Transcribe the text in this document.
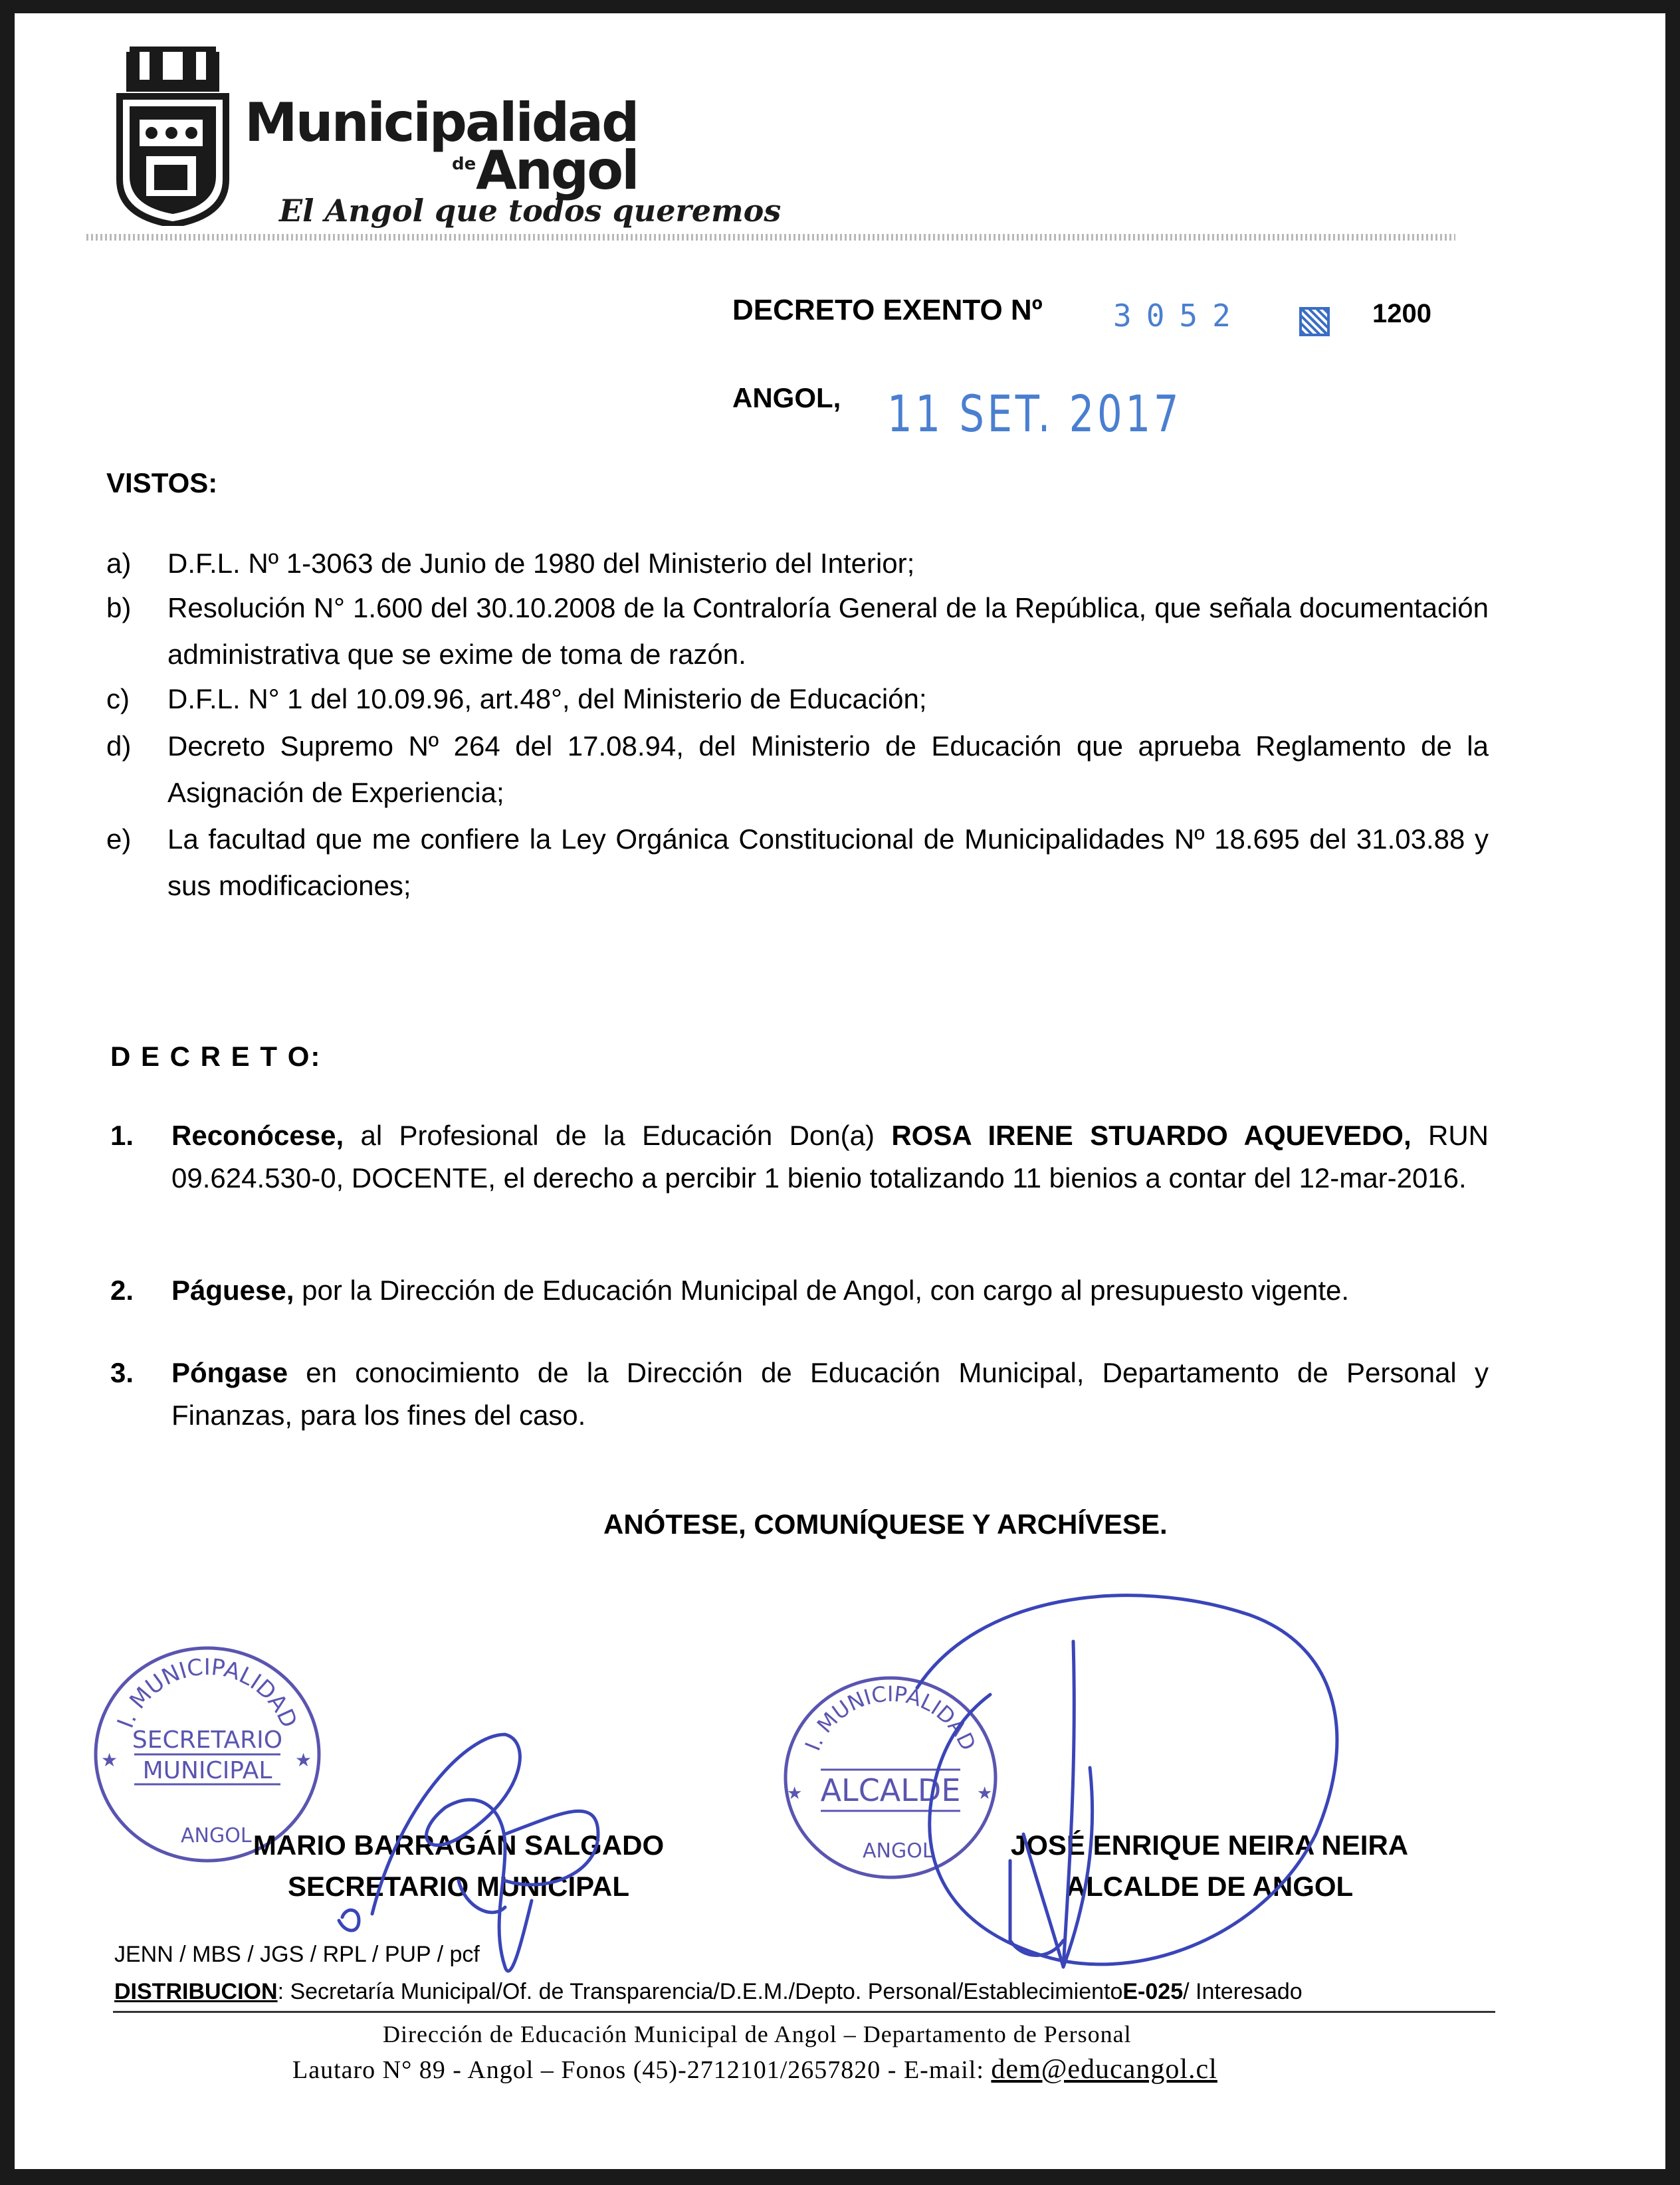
Municipalidad
de Angol
El Angol que todos queremos
DECRETO EXENTO Nº 3052	1200
ANGOL, 11 SET. 2017
VISTOS:
a) D.F.L. Nº 1-3063 de Junio de 1980 del Ministerio del Interior;
b) Resolución N° 1.600 del 30.10.2008 de la Contraloría General de la República, que señala documentación administrativa que se exime de toma de razón.
c) D.F.L. N° 1 del 10.09.96, art.48°, del Ministerio de Educación;
d) Decreto Supremo Nº 264 del 17.08.94, del Ministerio de Educación que aprueba Reglamento de la Asignación de Experiencia;
e) La facultad que me confiere la Ley Orgánica Constitucional de Municipalidades Nº 18.695 del 31.03.88 y sus modificaciones;
D E C R E T O:
1. Reconócese, al Profesional de la Educación Don(a) ROSA IRENE STUARDO AQUEVEDO, RUN 09.624.530-0, DOCENTE, el derecho a percibir 1 bienio totalizando 11 bienios a contar del 12-mar-2016.
2. Páguese, por la Dirección de Educación Municipal de Angol, con cargo al presupuesto vigente.
3. Póngase en conocimiento de la Dirección de Educación Municipal, Departamento de Personal y Finanzas, para los fines del caso.
ANÓTESE, COMUNÍQUESE Y ARCHÍVESE.
I. MUNICIPALIDAD
SECRETARIO
MUNICIPAL
★	★
ANGOL
I. MUNICIPALIDAD
ALCALDE
★	★
ANGOL
MARIO BARRAGÁN SALGADO
SECRETARIO MUNICIPAL
JOSÉ ENRIQUE NEIRA NEIRA
ALCALDE DE ANGOL
JENN / MBS / JGS / RPL / PUP / pcf
DISTRIBUCION: Secretaría Municipal/Of. de Transparencia/D.E.M./Depto. Personal/EstablecimientoE-025/ Interesado
Dirección de Educación Municipal de Angol – Departamento de Personal
Lautaro N° 89 - Angol – Fonos (45)-2712101/2657820 - E-mail: dem@educangol.cl
